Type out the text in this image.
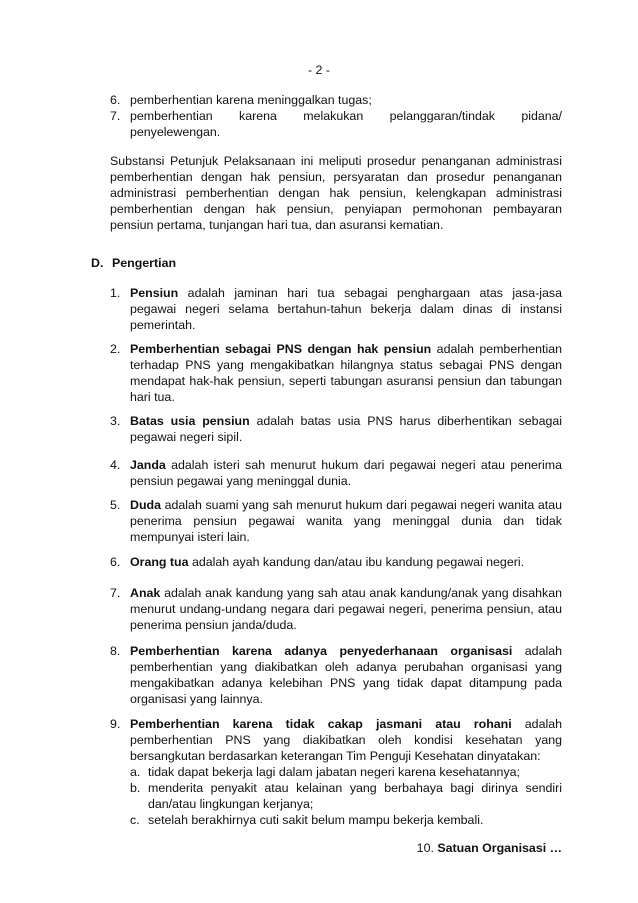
- 2 -
6. pemberhentian karena meninggalkan tugas;
7. pemberhentian karena melakukan pelanggaran/tindak pidana/
penyelewengan.
Substansi Petunjuk Pelaksanaan ini meliputi prosedur penanganan administrasi pemberhentian dengan hak pensiun, persyaratan dan prosedur penanganan administrasi pemberhentian dengan hak pensiun, kelengkapan administrasi pemberhentian dengan hak pensiun, penyiapan permohonan pembayaran pensiun pertama, tunjangan hari tua, dan asuransi kematian.
D. Pengertian
1. Pensiun adalah jaminan hari tua sebagai penghargaan atas jasa-jasa pegawai negeri selama bertahun-tahun bekerja dalam dinas di instansi pemerintah.
2. Pemberhentian sebagai PNS dengan hak pensiun adalah pemberhentian terhadap PNS yang mengakibatkan hilangnya status sebagai PNS dengan mendapat hak-hak pensiun, seperti tabungan asuransi pensiun dan tabungan hari tua.
3. Batas usia pensiun adalah batas usia PNS harus diberhentikan sebagai pegawai negeri sipil.
4. Janda adalah isteri sah menurut hukum dari pegawai negeri atau penerima pensiun pegawai yang meninggal dunia.
5. Duda adalah suami yang sah menurut hukum dari pegawai negeri wanita atau penerima pensiun pegawai wanita yang meninggal dunia dan tidak mempunyai isteri lain.
6. Orang tua adalah ayah kandung dan/atau ibu kandung pegawai negeri.
7. Anak adalah anak kandung yang sah atau anak kandung/anak yang disahkan menurut undang-undang negara dari pegawai negeri, penerima pensiun, atau penerima pensiun janda/duda.
8. Pemberhentian karena adanya penyederhanaan organisasi adalah pemberhentian yang diakibatkan oleh adanya perubahan organisasi yang mengakibatkan adanya kelebihan PNS yang tidak dapat ditampung pada organisasi yang lainnya.
9. Pemberhentian karena tidak cakap jasmani atau rohani adalah pemberhentian PNS yang diakibatkan oleh kondisi kesehatan yang bersangkutan berdasarkan keterangan Tim Penguji Kesehatan dinyatakan:
a. tidak dapat bekerja lagi dalam jabatan negeri karena kesehatannya;
b. menderita penyakit atau kelainan yang berbahaya bagi dirinya sendiri dan/atau lingkungan kerjanya;
c. setelah berakhirnya cuti sakit belum mampu bekerja kembali.
10. Satuan Organisasi …
